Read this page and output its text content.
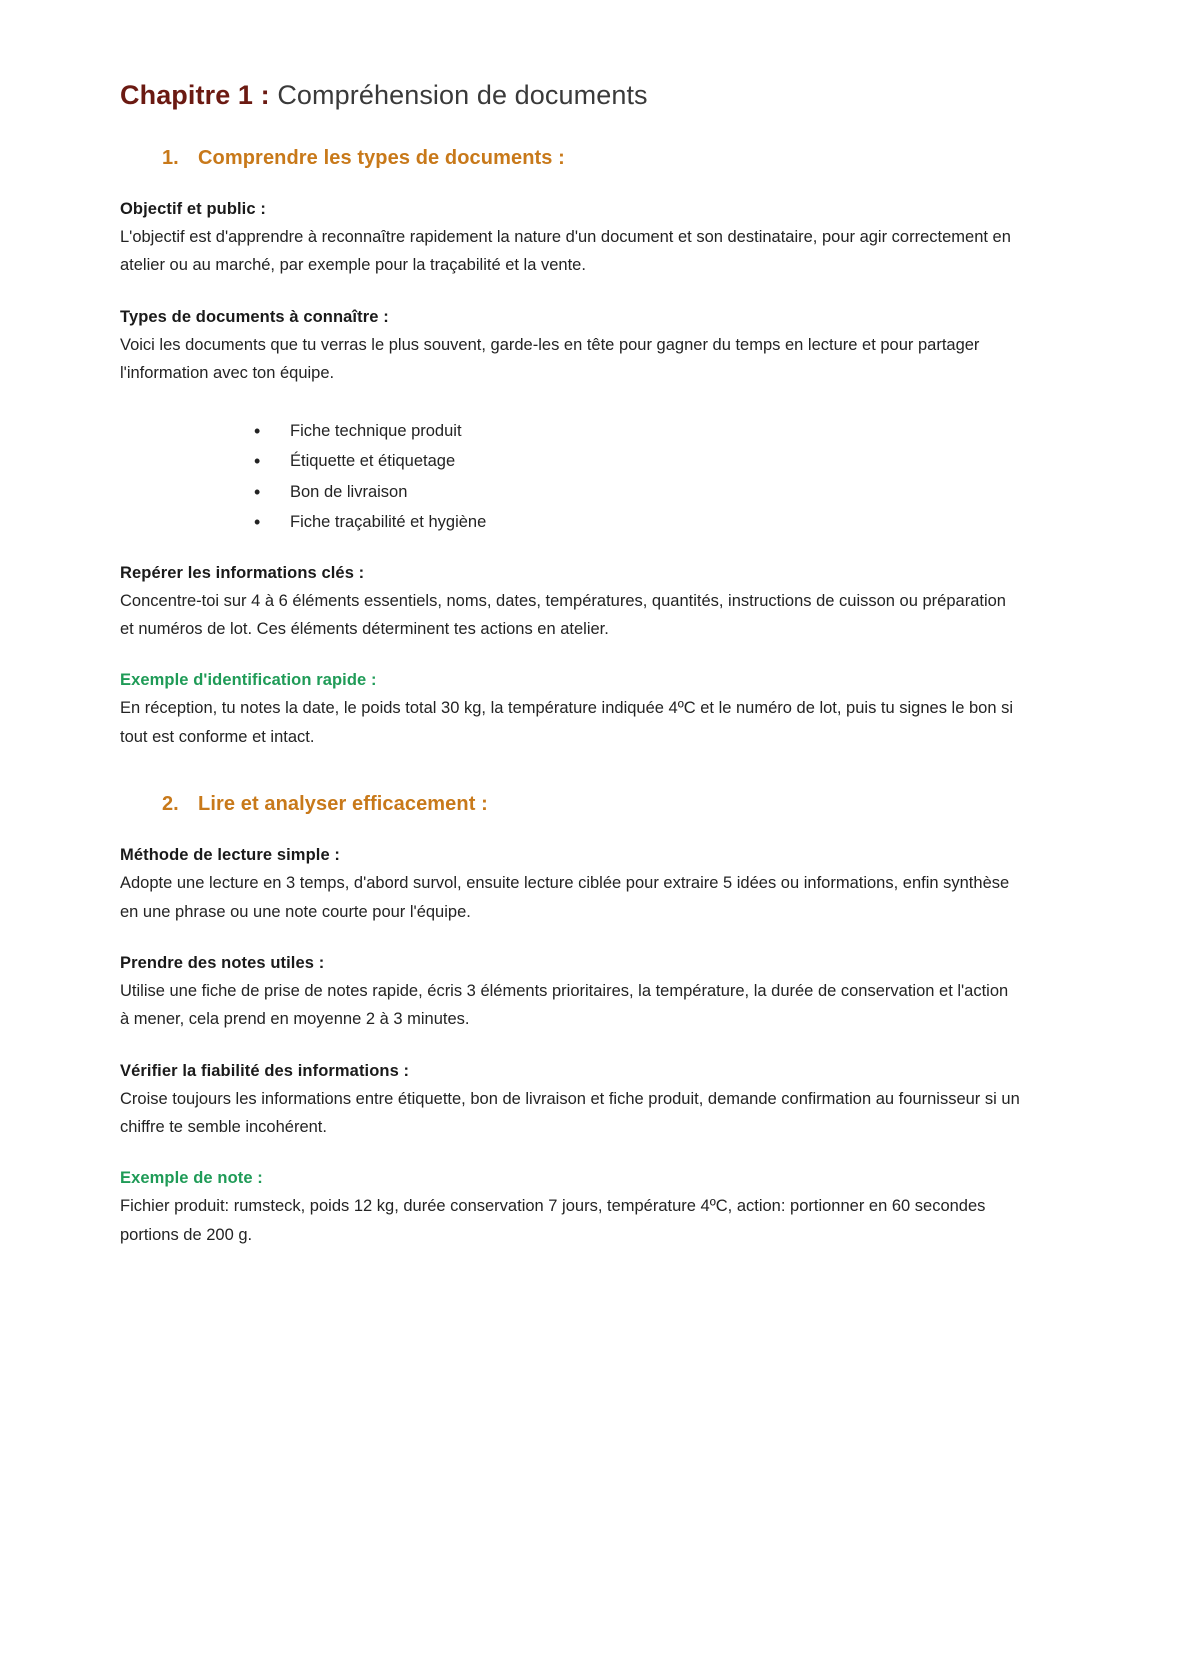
Chapitre 1 : Compréhension de documents
1. Comprendre les types de documents :
Objectif et public :

L'objectif est d'apprendre à reconnaître rapidement la nature d'un document et son destinataire, pour agir correctement en atelier ou au marché, par exemple pour la traçabilité et la vente.

Types de documents à connaître :

Voici les documents que tu verras le plus souvent, garde-les en tête pour gagner du temps en lecture et pour partager l'information avec ton équipe.

• Fiche technique produit
• Étiquette et étiquetage
• Bon de livraison
• Fiche traçabilité et hygiène
Repérer les informations clés :

Concentre-toi sur 4 à 6 éléments essentiels, noms, dates, températures, quantités, instructions de cuisson ou préparation et numéros de lot. Ces éléments déterminent tes actions en atelier.

Exemple d'identification rapide :

En réception, tu notes la date, le poids total 30 kg, la température indiquée 4ºC et le numéro de lot, puis tu signes le bon si tout est conforme et intact.

2. Lire et analyser efficacement :
Méthode de lecture simple :

Adopte une lecture en 3 temps, d'abord survol, ensuite lecture ciblée pour extraire 5 idées ou informations, enfin synthèse en une phrase ou une note courte pour l'équipe.

Prendre des notes utiles :

Utilise une fiche de prise de notes rapide, écris 3 éléments prioritaires, la température, la durée de conservation et l'action à mener, cela prend en moyenne 2 à 3 minutes.

Vérifier la fiabilité des informations :

Croise toujours les informations entre étiquette, bon de livraison et fiche produit, demande confirmation au fournisseur si un chiffre te semble incohérent.

Exemple de note :

Fichier produit: rumsteck, poids 12 kg, durée conservation 7 jours, température 4ºC, action: portionner en 60 secondes portions de 200 g.
